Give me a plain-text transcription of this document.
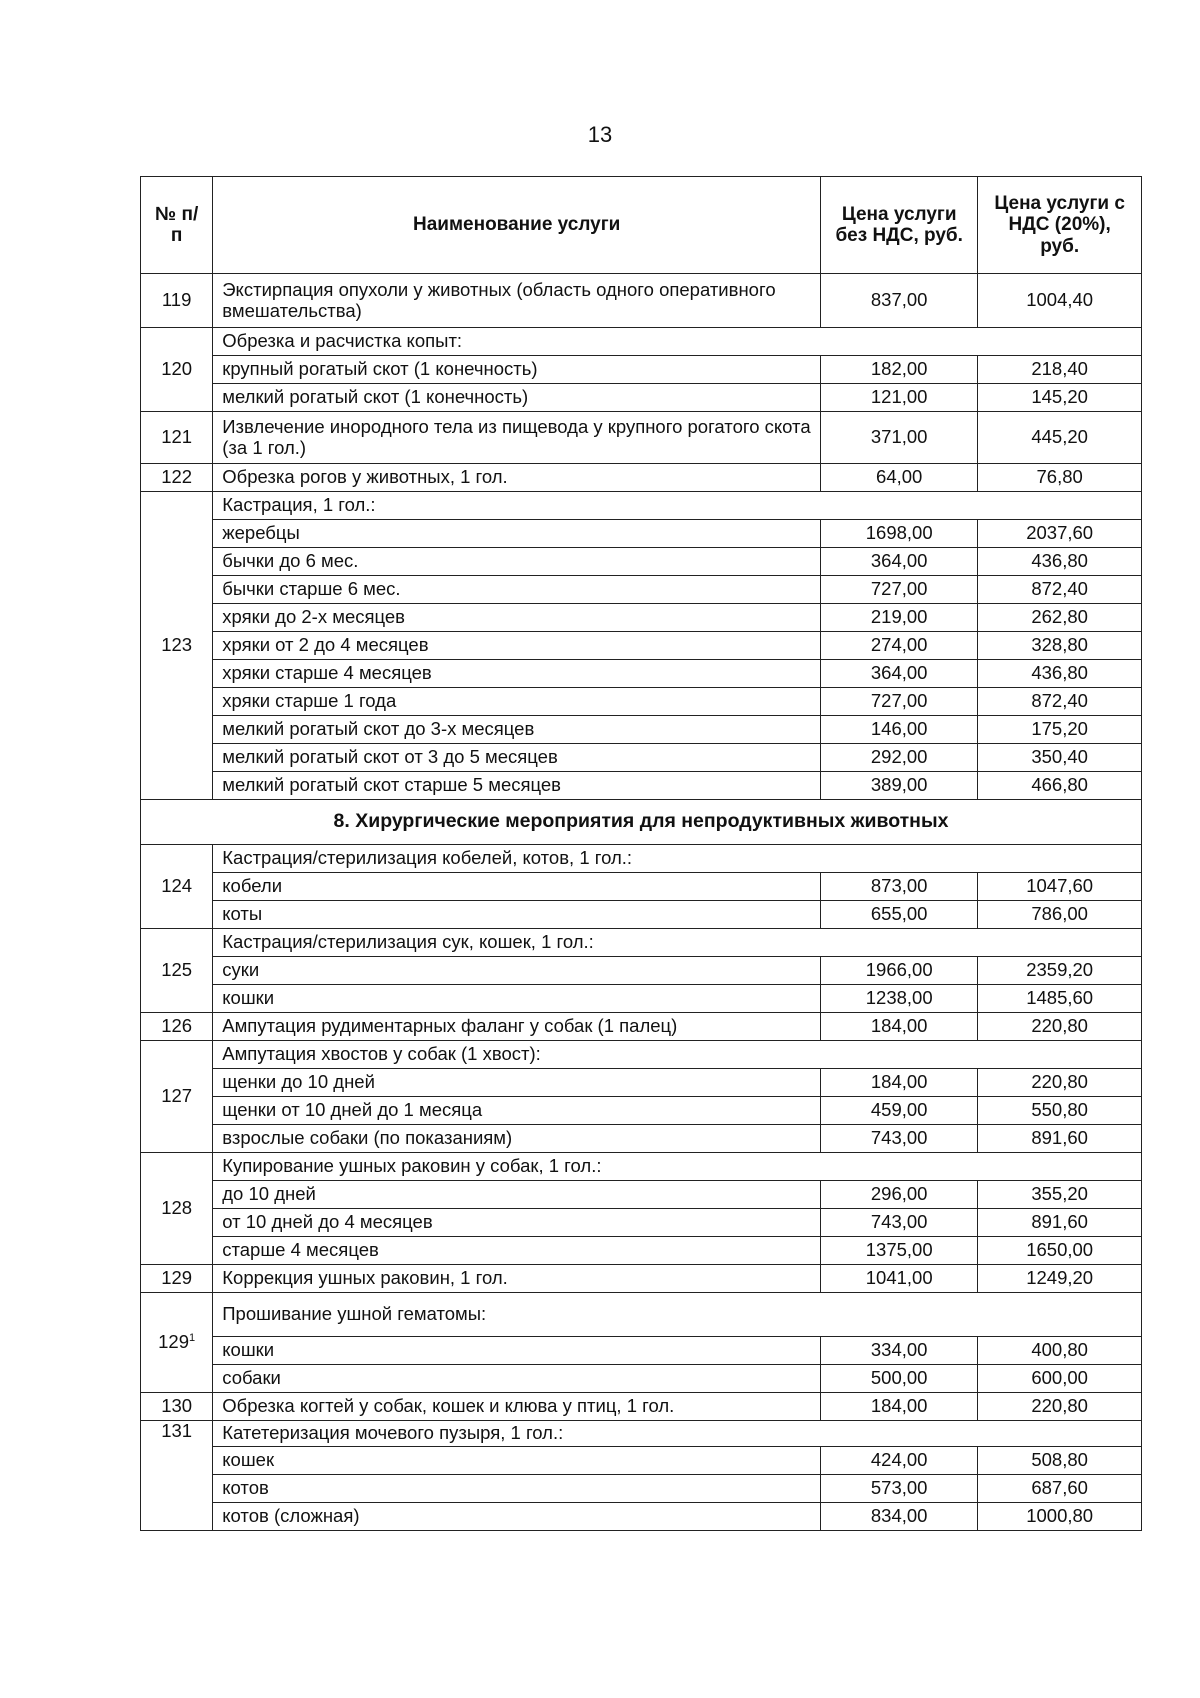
13
№ п/п	Наименование услуги	Цена услуги без НДС, руб.	Цена услуги с НДС (20%), руб.
119	Экстирпация опухоли у животных (область одного оперативного вмешательства)	837,00	1004,40
120	Обрезка и расчистка копыт:		
	крупный рогатый скот (1 конечность)	182,00	218,40
	мелкий рогатый скот (1 конечность)	121,00	145,20
121	Извлечение инородного тела из пищевода у крупного рогатого скота (за 1 гол.)	371,00	445,20
122	Обрезка рогов у животных, 1 гол.	64,00	76,80
123	Кастрация, 1 гол.:		
	жеребцы	1698,00	2037,60
	бычки до 6 мес.	364,00	436,80
	бычки старше 6 мес.	727,00	872,40
	хряки до 2-х месяцев	219,00	262,80
	хряки от 2 до 4 месяцев	274,00	328,80
	хряки старше 4 месяцев	364,00	436,80
	хряки старше 1 года	727,00	872,40
	мелкий рогатый скот до 3-х месяцев	146,00	175,20
	мелкий рогатый скот от 3 до 5 месяцев	292,00	350,40
	мелкий рогатый скот старше 5 месяцев	389,00	466,80
8. Хирургические мероприятия для непродуктивных животных			
124	Кастрация/стерилизация кобелей, котов, 1 гол.:		
	кобели	873,00	1047,60
	коты	655,00	786,00
125	Кастрация/стерилизация сук, кошек, 1 гол.:		
	суки	1966,00	2359,20
	кошки	1238,00	1485,60
126	Ампутация рудиментарных фаланг у собак (1 палец)	184,00	220,80
127	Ампутация хвостов у собак (1 хвост):		
	щенки до 10 дней	184,00	220,80
	щенки от 10 дней до 1 месяца	459,00	550,80
	взрослые собаки (по показаниям)	743,00	891,60
128	Купирование ушных раковин у собак, 1 гол.:		
	до 10 дней	296,00	355,20
	от 10 дней до 4 месяцев	743,00	891,60
	старше 4 месяцев	1375,00	1650,00
129	Коррекция ушных раковин, 1 гол.	1041,00	1249,20
$129^1$	Прошивание ушной гематомы:		
	кошки	334,00	400,80
	собаки	500,00	600,00
130	Обрезка когтей у собак, кошек и клюва у птиц, 1 гол.	184,00	220,80
131	Катетеризация мочевого пузыря, 1 гол.:		
	кошек	424,00	508,80
	котов	573,00	687,60
	котов (сложная)	834,00	1000,80
